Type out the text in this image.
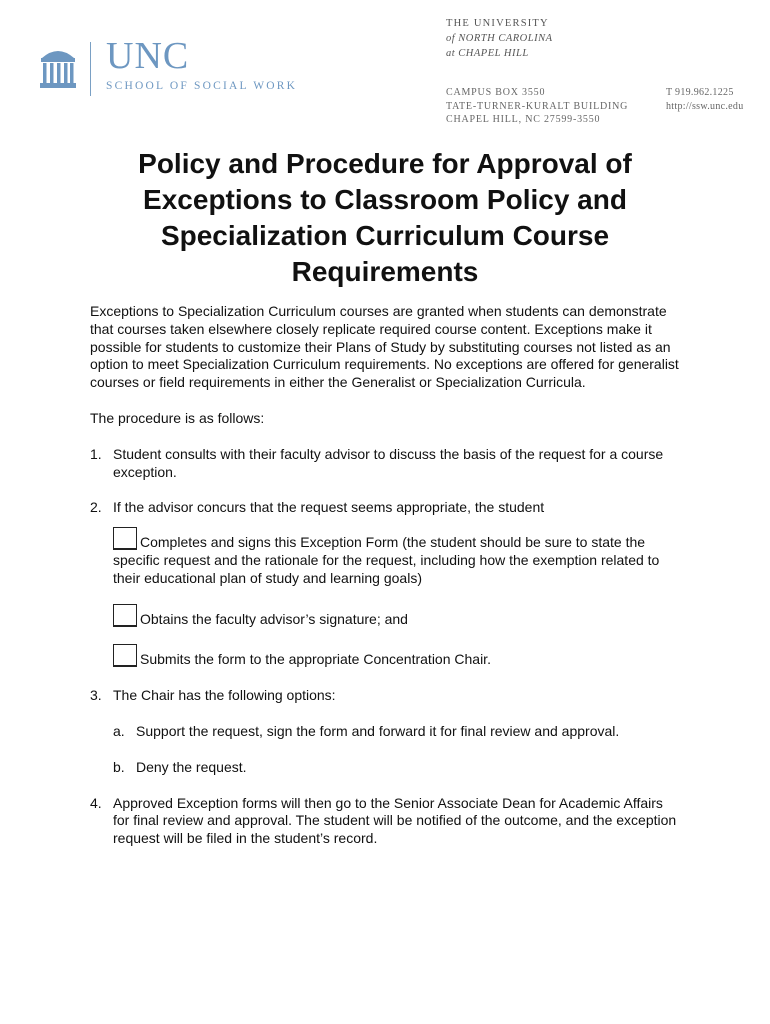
UNC
SCHOOL OF SOCIAL WORK
THE UNIVERSITY
of NORTH CAROLINA
at CHAPEL HILL
CAMPUS BOX 3550
TATE-TURNER-KURALT BUILDING
CHAPEL HILL, NC 27599-3550
T 919.962.1225
http://ssw.unc.edu
Policy and Procedure for Approval of Exceptions to Classroom Policy and Specialization Curriculum Course Requirements

Exceptions to Specialization Curriculum courses are granted when students can demonstrate that courses taken elsewhere closely replicate required course content. Exceptions make it possible for students to customize their Plans of Study by substituting courses not listed as an option to meet Specialization Curriculum requirements. No exceptions are offered for generalist courses or field requirements in either the Generalist or Specialization Curricula.

The procedure is as follows:

1. Student consults with their faculty advisor to discuss the basis of the request for a course exception.
2. If the advisor concurs that the request seems appropriate, the student
Completes and signs this Exception Form (the student should be sure to state the specific request and the rationale for the request, including how the exemption related to their educational plan of study and learning goals)
Obtains the faculty advisor’s signature; and
Submits the form to the appropriate Concentration Chair.
3. The Chair has the following options:
a. Support the request, sign the form and forward it for final review and approval.
b. Deny the request.
4. Approved Exception forms will then go to the Senior Associate Dean for Academic Affairs for final review and approval. The student will be notified of the outcome, and the exception request will be filed in the student’s record.
